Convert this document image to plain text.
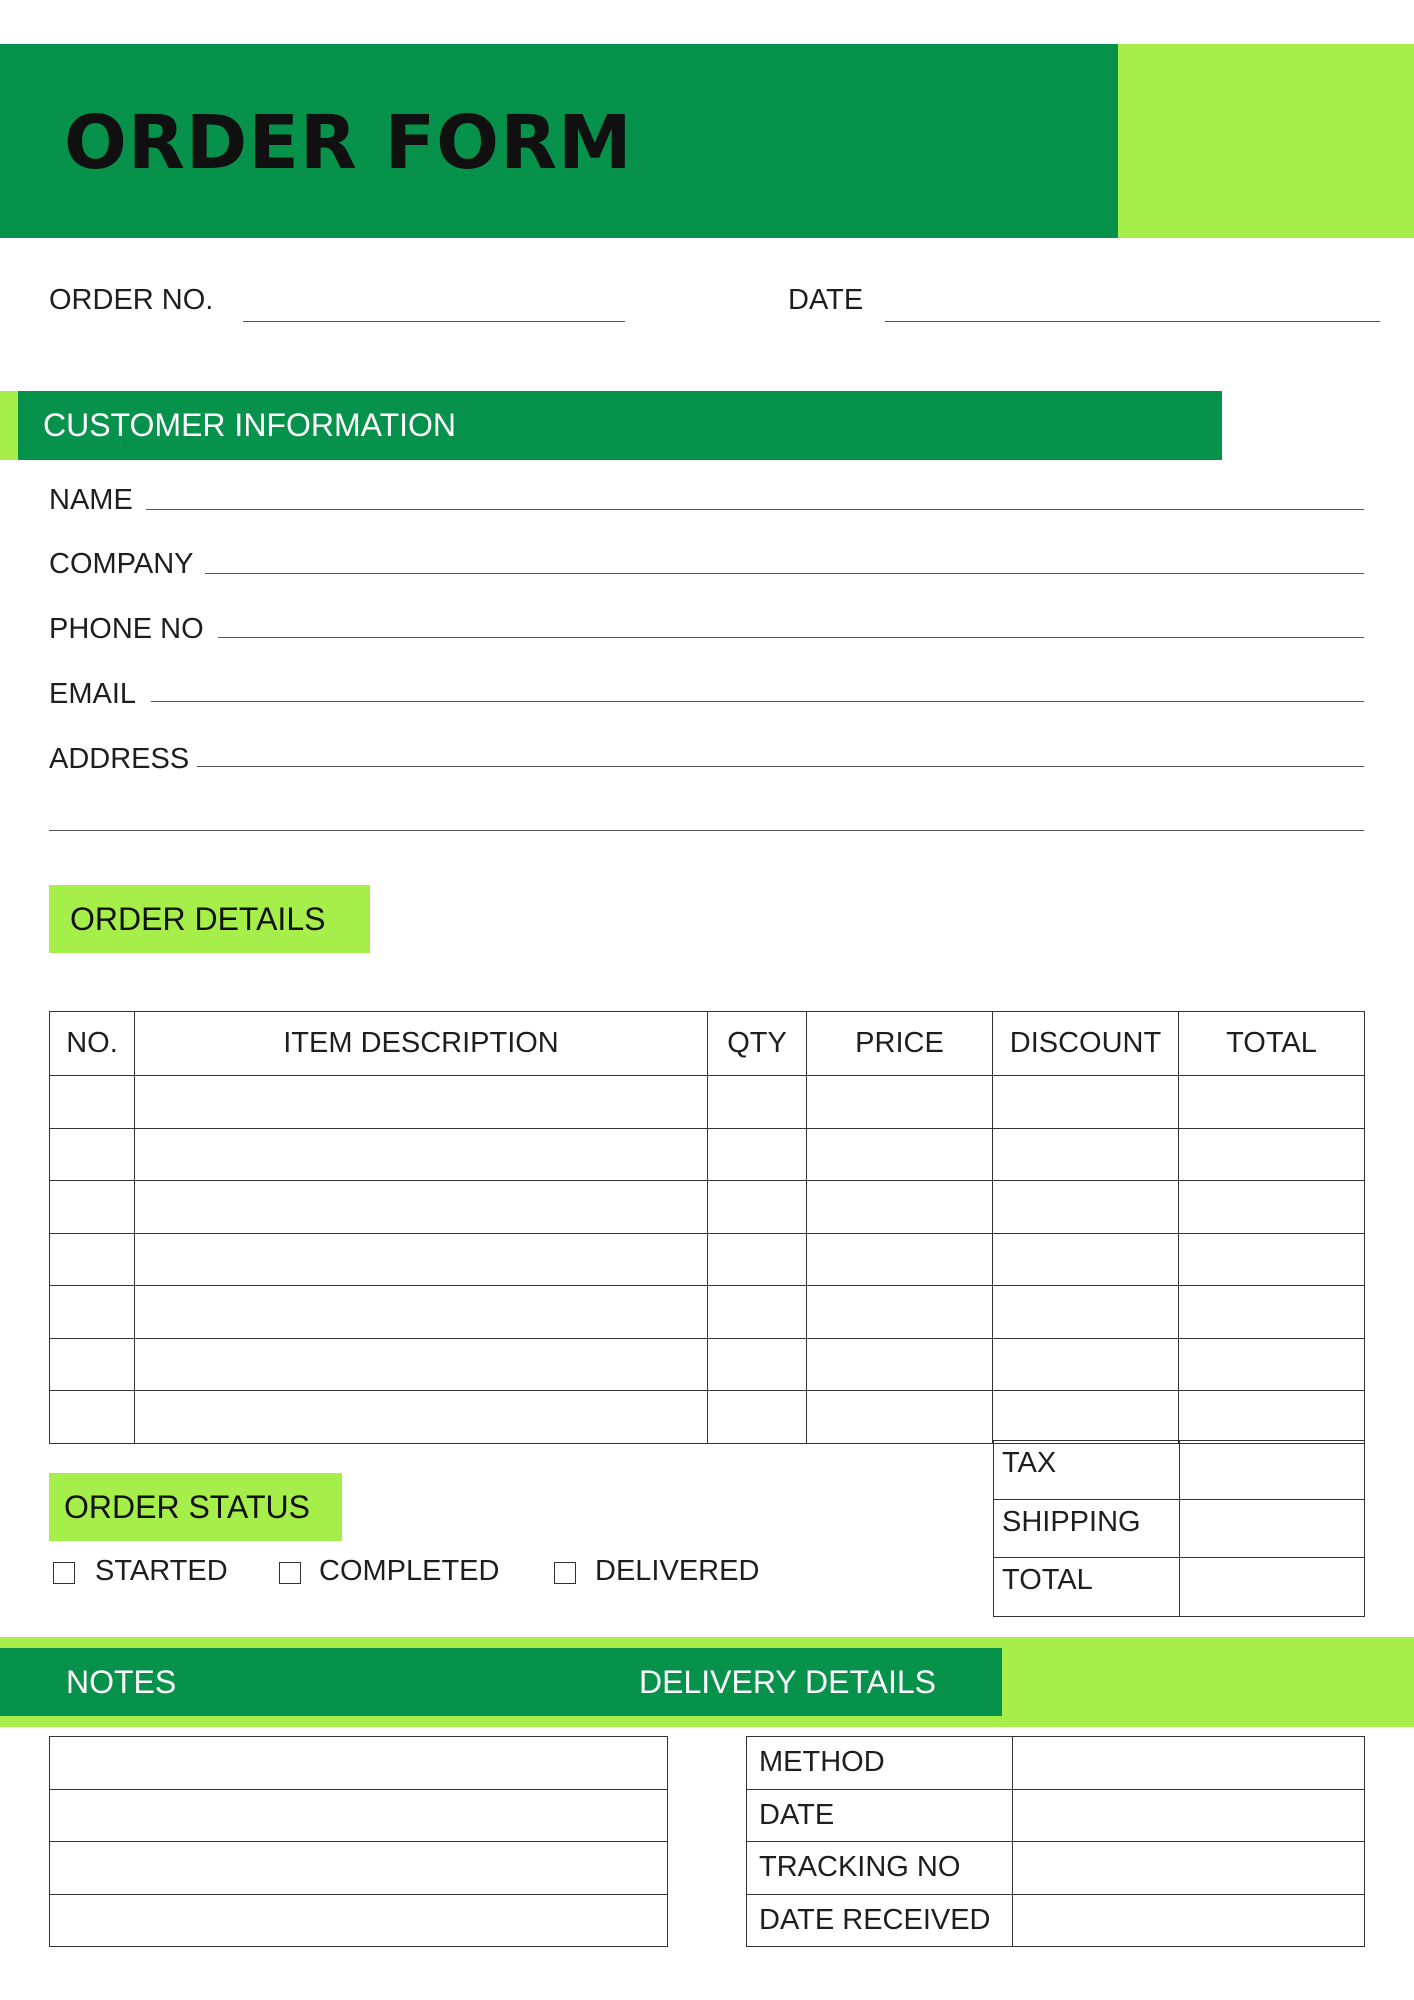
ORDER FORM
ORDER NO.	DATE
CUSTOMER INFORMATION
NAME
COMPANY
PHONE NO
EMAIL
ADDRESS
ORDER DETAILS
NO.	ITEM DESCRIPTION	QTY	PRICE	DISCOUNT	TOTAL

TAX	
SHIPPING	
TOTAL	
ORDER STATUS
STARTED	COMPLETED	DELIVERED
NOTES	DELIVERY DETAILS

METHOD	
DATE	
TRACKING NO	
DATE RECEIVED	
